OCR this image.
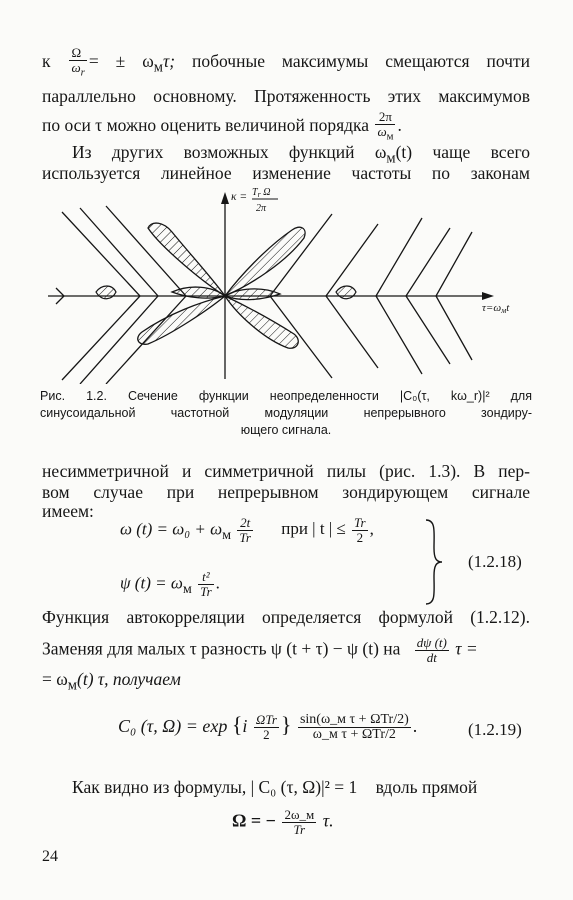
к $\frac{\Omega}{\omega_r}$ = ± $\omega_м\tau$; побочные максимумы смещаются почти
параллельно основному. Протяженность этих максимумов
по оси τ можно оценить величиной порядка $\frac{2\pi}{\omega_м}$ .
Из других возможных функций $\omega_м(t)$ чаще всего
используется линейное изменение частоты по законам
$\kappa = T_r$ Ω
2π
τ=ωмt
Рис. 1.2. Сечение функции неопределенности |C₀(τ, kω_r)|² для
синусоидальной частотной модуляции непрерывного зондиру-
ющего сигнала.
несимметричной и симметричной пилы (рис. 1.3). В пер-
вом случае при непрерывном зондирующем сигнале
имеем:
ω $(t) = \omega_0 + \omega_м \frac{2t}{Tr}$ при | t | ≤ $\frac{Tr}{2}$ ,
ψ $(t) = \omega_м \frac{\text{t²}}{Tr}$ .
(1.2.18)
Функция автокорреляции определяется формулой (1.2.12).
Заменяя для малых τ разность ψ (t + τ) − ψ (t) на $\frac{d\psi (t)}{dt}$ τ =
= $\omega_м(t)$ τ, получаем
C₀ (τ, $\Omega) = \exp \{i \frac{\text{ΩTr}}{2}$ } $\frac{\text{sin(ω\_м τ + ΩTr/2)}}{\text{ω\_м τ + ΩTr/2}}$ .	(1.2.19)
Как видно из формулы, | C₀ (τ, Ω)|² = 1 вдоль прямой
Ω = − $\frac{2\omega\_м}{Tr} \tau$.
24
